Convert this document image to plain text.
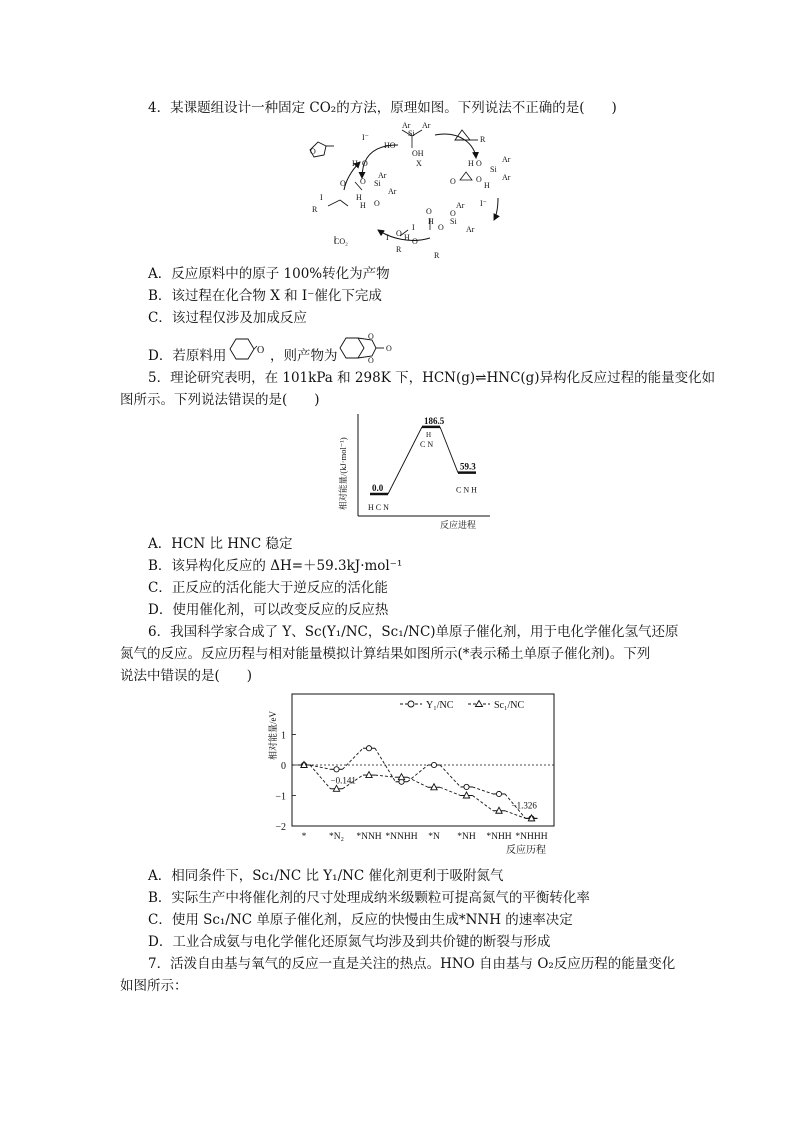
4．某课题组设计一种固定 CO₂的方法，原理如图。下列说法不正确的是(　　)
I⁻
Ar Ar
Si
HO
OH
X
R
H O	Ar
Si
Ar
O
H
O
H O
O
R
I
O
H
Ar
Si
Ar
O
O
H
R
I
O
O
H
O
Ar
Si
Ar
I⁻
CO₂	I O H O
R
A．反应原料中的原子 100%转化为产物
B．该过程在化合物 X 和 I⁻催化下完成
C．该过程仅涉及加成反应
D．若原料用	O ，则产物为
O
O
O
5．理论研究表明，在 101kPa 和 298K 下，HCN(g)⇌HNC(g)异构化反应过程的能量变化如
图所示。下列说法错误的是(　　)
相对能量/(kJ·mol⁻¹)
反应进程
0.0
H C N
186.5
C N
59.3
C N H
H
A．HCN 比 HNC 稳定
B．该异构化反应的 ΔH=＋59.3kJ·mol⁻¹
C．正反应的活化能大于逆反应的活化能
D．使用催化剂，可以改变反应的反应热
6．我国科学家合成了 Y、Sc(Y₁/NC，Sc₁/NC)单原子催化剂，用于电化学催化氢气还原
氮气的反应。反应历程与相对能量模拟计算结果如图所示(*表示稀土单原子催化剂)。下列
说法中错误的是(　　)
相对能量/eV
反应历程
Y₁/NC	Sc₁/NC
1
0
−1
−2
* *N₂ *NNH *NNHH *N *NH *NHH *NHHH
−0.141
−1.326
A．相同条件下，Sc₁/NC 比 Y₁/NC 催化剂更利于吸附氮气
B．实际生产中将催化剂的尺寸处理成纳米级颗粒可提高氮气的平衡转化率
C．使用 Sc₁/NC 单原子催化剂，反应的快慢由生成*NNH 的速率决定
D．工业合成氨与电化学催化还原氮气均涉及到共价键的断裂与形成
7．活泼自由基与氧气的反应一直是关注的热点。HNO 自由基与 O₂反应历程的能量变化
如图所示：
